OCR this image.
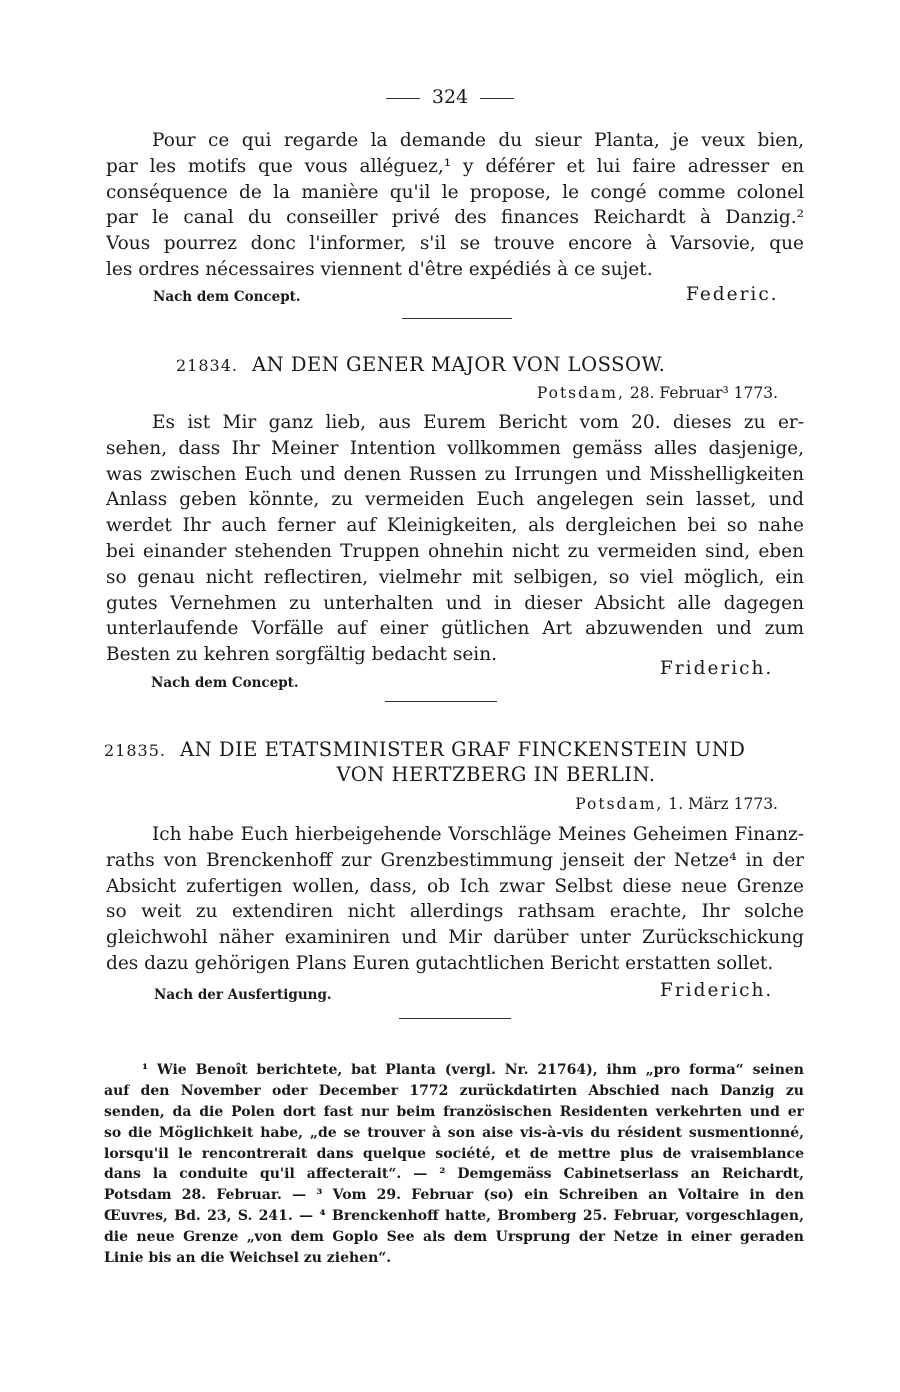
324
Pour ce qui regarde la demande du sieur Planta, je veux bien,
par les motifs que vous alléguez,¹ y déférer et lui faire adresser en
conséquence de la manière qu'il le propose, le congé comme colonel
par le canal du conseiller privé des finances Reichardt à Danzig.²
Vous pourrez donc l'informer, s'il se trouve encore à Varsovie, que
les ordres nécessaires viennent d'être expédiés à ce sujet.
Nach dem Concept.	Federic.
21834. AN DEN GENER MAJOR VON LOSSOW.
Potsdam, 28. Februar³ 1773.
Es ist Mir ganz lieb, aus Eurem Bericht vom 20. dieses zu er-
sehen, dass Ihr Meiner Intention vollkommen gemäss alles dasjenige,
was zwischen Euch und denen Russen zu Irrungen und Misshelligkeiten
Anlass geben könnte, zu vermeiden Euch angelegen sein lasset, und
werdet Ihr auch ferner auf Kleinigkeiten, als dergleichen bei so nahe
bei einander stehenden Truppen ohnehin nicht zu vermeiden sind, eben
so genau nicht reflectiren, vielmehr mit selbigen, so viel möglich, ein
gutes Vernehmen zu unterhalten und in dieser Absicht alle dagegen
unterlaufende Vorfälle auf einer gütlichen Art abzuwenden und zum
Besten zu kehren sorgfältig bedacht sein.
Nach dem Concept.
Friderich.
21835. AN DIE ETATSMINISTER GRAF FINCKENSTEIN UND
VON HERTZBERG IN BERLIN.
Potsdam, 1. März 1773.
Ich habe Euch hierbeigehende Vorschläge Meines Geheimen Finanz-
raths von Brenckenhoff zur Grenzbestimmung jenseit der Netze⁴ in der
Absicht zufertigen wollen, dass, ob Ich zwar Selbst diese neue Grenze
so weit zu extendiren nicht allerdings rathsam erachte, Ihr solche
gleichwohl näher examiniren und Mir darüber unter Zurückschickung
des dazu gehörigen Plans Euren gutachtlichen Bericht erstatten sollet.
Nach der Ausfertigung.	Friderich.
¹ Wie Benoît berichtete, bat Planta (vergl. Nr. 21764), ihm „pro forma“ seinen
auf den November oder December 1772 zurückdatirten Abschied nach Danzig zu
senden, da die Polen dort fast nur beim französischen Residenten verkehrten und er
so die Möglichkeit habe, „de se trouver à son aise vis-à-vis du résident susmentionné,
lorsqu'il le rencontrerait dans quelque société, et de mettre plus de vraisemblance
dans la conduite qu'il affecterait“. — ² Demgemäss Cabinetserlass an Reichardt,
Potsdam 28. Februar. — ³ Vom 29. Februar (so) ein Schreiben an Voltaire in den
Œuvres, Bd. 23, S. 241. — ⁴ Brenckenhoff hatte, Bromberg 25. Februar, vorgeschlagen,
die neue Grenze „von dem Goplo See als dem Ursprung der Netze in einer geraden
Linie bis an die Weichsel zu ziehen“.
